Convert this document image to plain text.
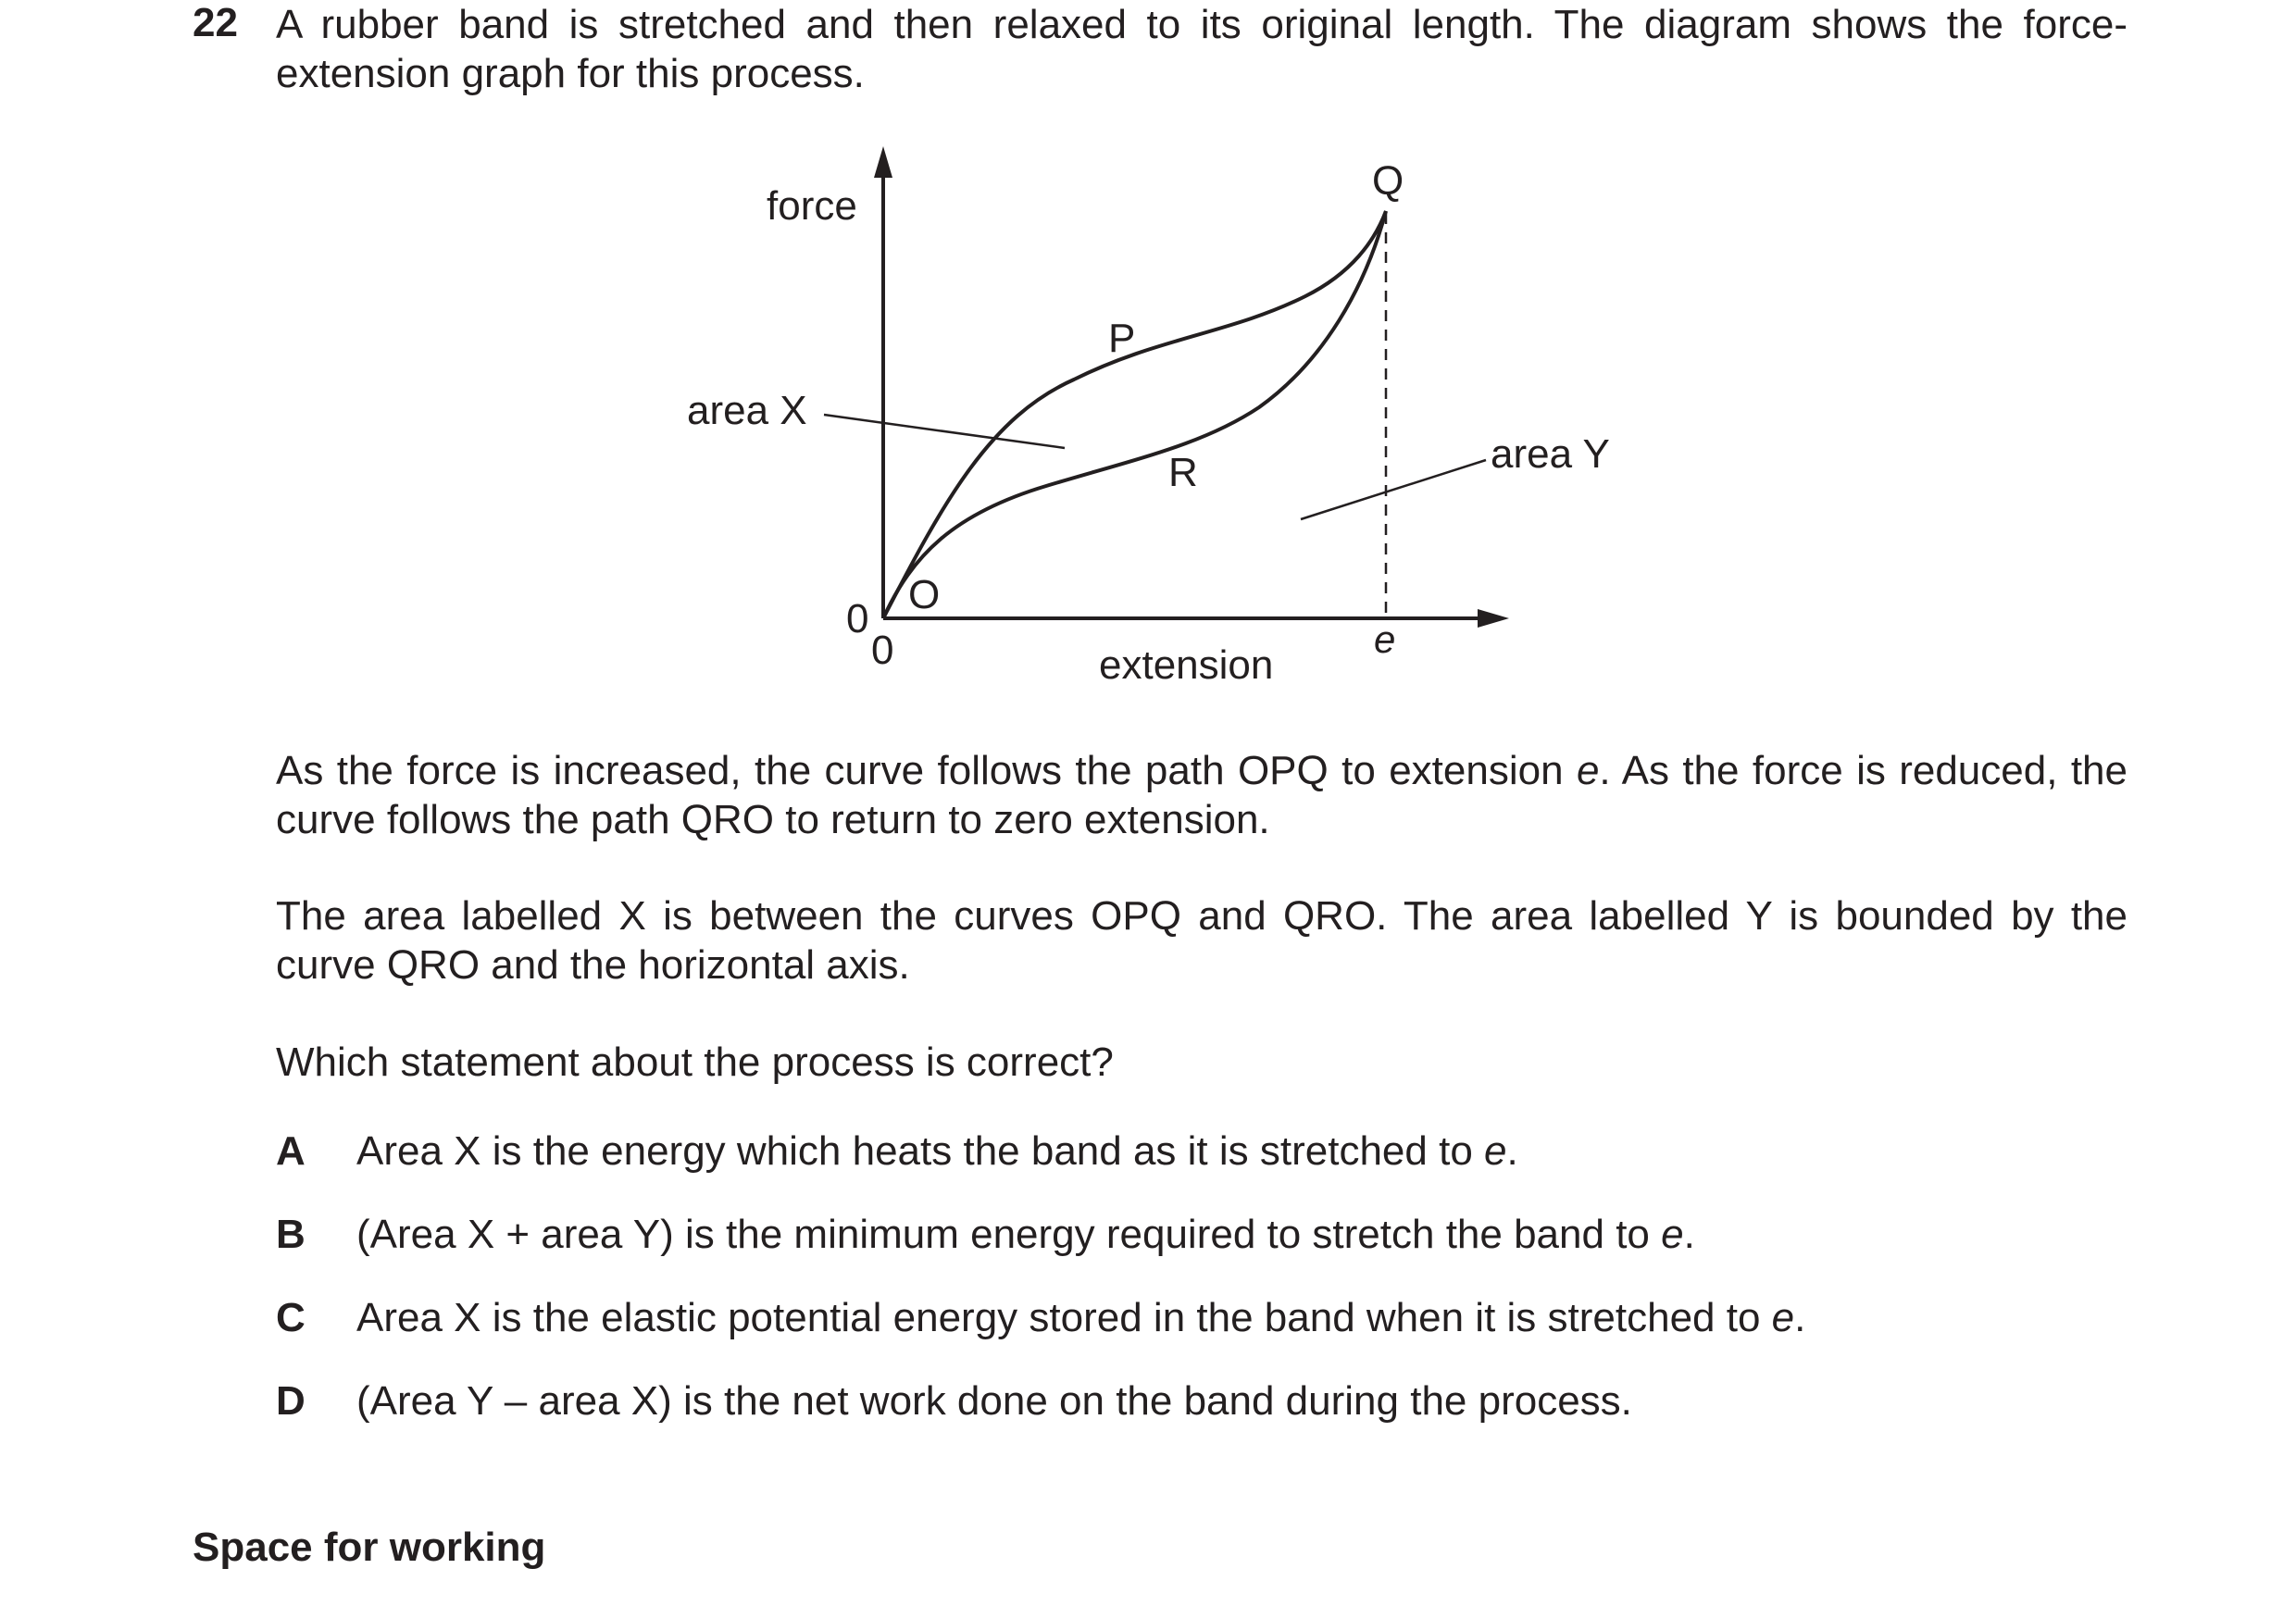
22 A rubber band is stretched and then relaxed to its original length. The diagram shows the force-extension graph for this process.
force
extension
0
0
O
P
Q
R
e
area X
area Y
As the force is increased, the curve follows the path OPQ to extension e. As the force is reduced, the curve follows the path QRO to return to zero extension.
The area labelled X is between the curves OPQ and QRO. The area labelled Y is bounded by the curve QRO and the horizontal axis.
Which statement about the process is correct?
A Area X is the energy which heats the band as it is stretched to e.
B (Area X + area Y) is the minimum energy required to stretch the band to e.
C Area X is the elastic potential energy stored in the band when it is stretched to e.
D (Area Y – area X) is the net work done on the band during the process.
Space for working
